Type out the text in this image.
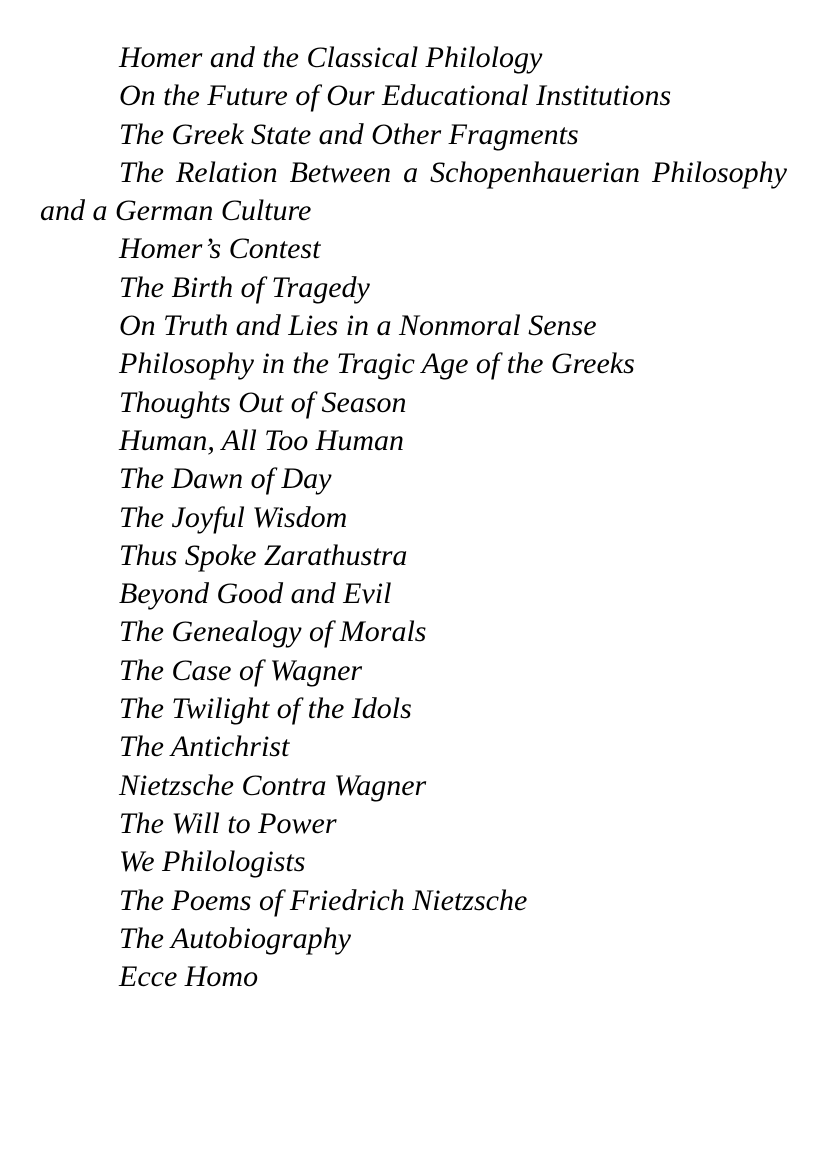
Homer and the Classical Philology
On the Future of Our Educational Institutions
The Greek State and Other Fragments
The Relation Between a Schopenhauerian Philosophy and a German Culture
Homer’s Contest
The Birth of Tragedy
On Truth and Lies in a Nonmoral Sense
Philosophy in the Tragic Age of the Greeks
Thoughts Out of Season
Human, All Too Human
The Dawn of Day
The Joyful Wisdom
Thus Spoke Zarathustra
Beyond Good and Evil
The Genealogy of Morals
The Case of Wagner
The Twilight of the Idols
The Antichrist
Nietzsche Contra Wagner
The Will to Power
We Philologists
The Poems of Friedrich Nietzsche
The Autobiography
Ecce Homo
